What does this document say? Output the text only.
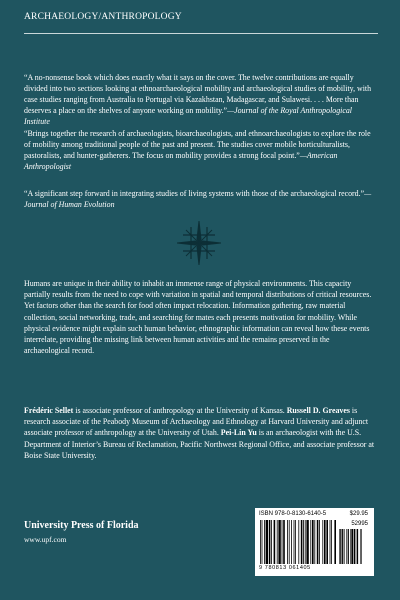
ARCHAEOLOGY/ANTHROPOLOGY
“A no-nonsense book which does exactly what it says on the cover. The twelve contributions are equally divided into two sections looking at ethnoarchaeological mobility and archaeological studies of mobility, with case studies ranging from Australia to Portugal via Kazakhstan, Madagascar, and Sulawesi. . . . More than deserves a place on the shelves of anyone working on mobility.”—Journal of the Royal Anthropological Institute
“Brings together the research of archaeologists, bioarchaeologists, and ethnoarchaeologists to explore the role of mobility among traditional people of the past and present. The studies cover mobile horticulturalists, pastoralists, and hunter-gatherers. The focus on mobility provides a strong focal point.”—American Anthropologist
“A significant step forward in integrating studies of living systems with those of the archaeological record.”—Journal of Human Evolution
Humans are unique in their ability to inhabit an immense range of physical environments. This capacity partially results from the need to cope with variation in spatial and temporal distributions of critical resources. Yet factors other than the search for food often impact relocation. Information gathering, raw material collection, social networking, trade, and searching for mates each presents motivation for mobility. While physical evidence might explain such human behavior, ethnographic information can reveal how these events interrelate, providing the missing link between human activities and the remains preserved in the archaeological record.
Frédéric Sellet is associate professor of anthropology at the University of Kansas. Russell D. Greaves is research associate of the Peabody Museum of Archaeology and Ethnology at Harvard University and adjunct associate professor of anthropology at the University of Utah. Pei-Lin Yu is an archaeologist with the U.S. Department of Interior’s Bureau of Reclamation, Pacific Northwest Regional Office, and associate professor at Boise State University.
University Press of Florida
www.upf.com
ISBN 978-0-8130-6140-5	$29.95
52995
9 780813 061405
